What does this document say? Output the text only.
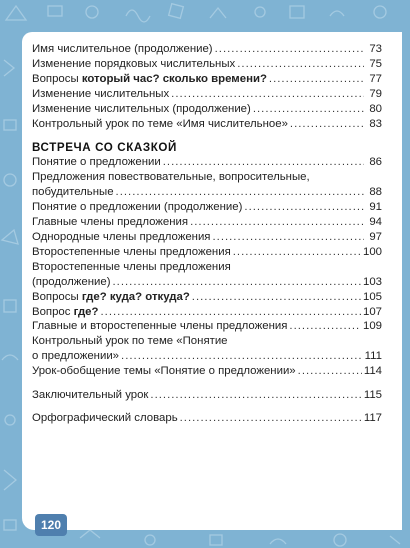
Имя числительное (продолжение) .....	73
Изменение порядковых числительных .....	75
Вопросы который час? сколько времени? .....	77
Изменение числительных .....	79
Изменение числительных (продолжение) .....	80
Контрольный урок по теме «Имя числительное» .....	83
ВСТРЕЧА СО СКАЗКОЙ
Понятие о предложении .....	86
Предложения повествовательные, вопросительные,
побудительные .....	88
Понятие о предложении (продолжение) .....	91
Главные члены предложения .....	94
Однородные члены предложения .....	97
Второстепенные члены предложения .....	100
Второстепенные члены предложения
(продолжение) .....	103
Вопросы где? куда? откуда? .....	105
Вопрос где? .....	107
Главные и второстепенные члены предложения .....	109
Контрольный урок по теме «Понятие
о предложении» .....	111
Урок-обобщение темы «Понятие о предложении» .....	114
Заключительный урок .....	115
Орфографический словарь .....	117
120
